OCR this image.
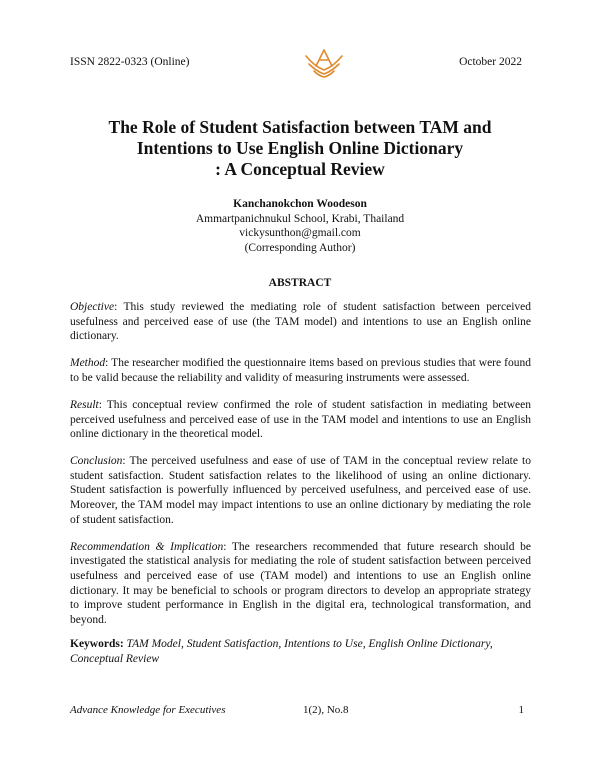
ISSN 2822-0323 (Online)	October 2022
The Role of Student Satisfaction between TAM and
Intentions to Use English Online Dictionary
: A Conceptual Review
Kanchanokchon Woodeson
Ammartpanichnukul School, Krabi, Thailand
vickysunthon@gmail.com
(Corresponding Author)
ABSTRACT

Objective: This study reviewed the mediating role of student satisfaction between perceived usefulness and perceived ease of use (the TAM model) and intentions to use an English online dictionary.

Method: The researcher modified the questionnaire items based on previous studies that were found to be valid because the reliability and validity of measuring instruments were assessed.

Result: This conceptual review confirmed the role of student satisfaction in mediating between perceived usefulness and perceived ease of use in the TAM model and intentions to use an English online dictionary in the theoretical model.

Conclusion: The perceived usefulness and ease of use of TAM in the conceptual review relate to student satisfaction. Student satisfaction relates to the likelihood of using an online dictionary. Student satisfaction is powerfully influenced by perceived usefulness, and perceived ease of use. Moreover, the TAM model may impact intentions to use an online dictionary by mediating the role of student satisfaction.

Recommendation & Implication: The researchers recommended that future research should be investigated the statistical analysis for mediating the role of student satisfaction between perceived usefulness and perceived ease of use (TAM model) and intentions to use an English online dictionary. It may be beneficial to schools or program directors to develop an appropriate strategy to improve student performance in English in the digital era, technological transformation, and beyond.

Keywords: TAM Model, Student Satisfaction, Intentions to Use, English Online Dictionary, Conceptual Review
Advance Knowledge for Executives	1(2), No.8	1
